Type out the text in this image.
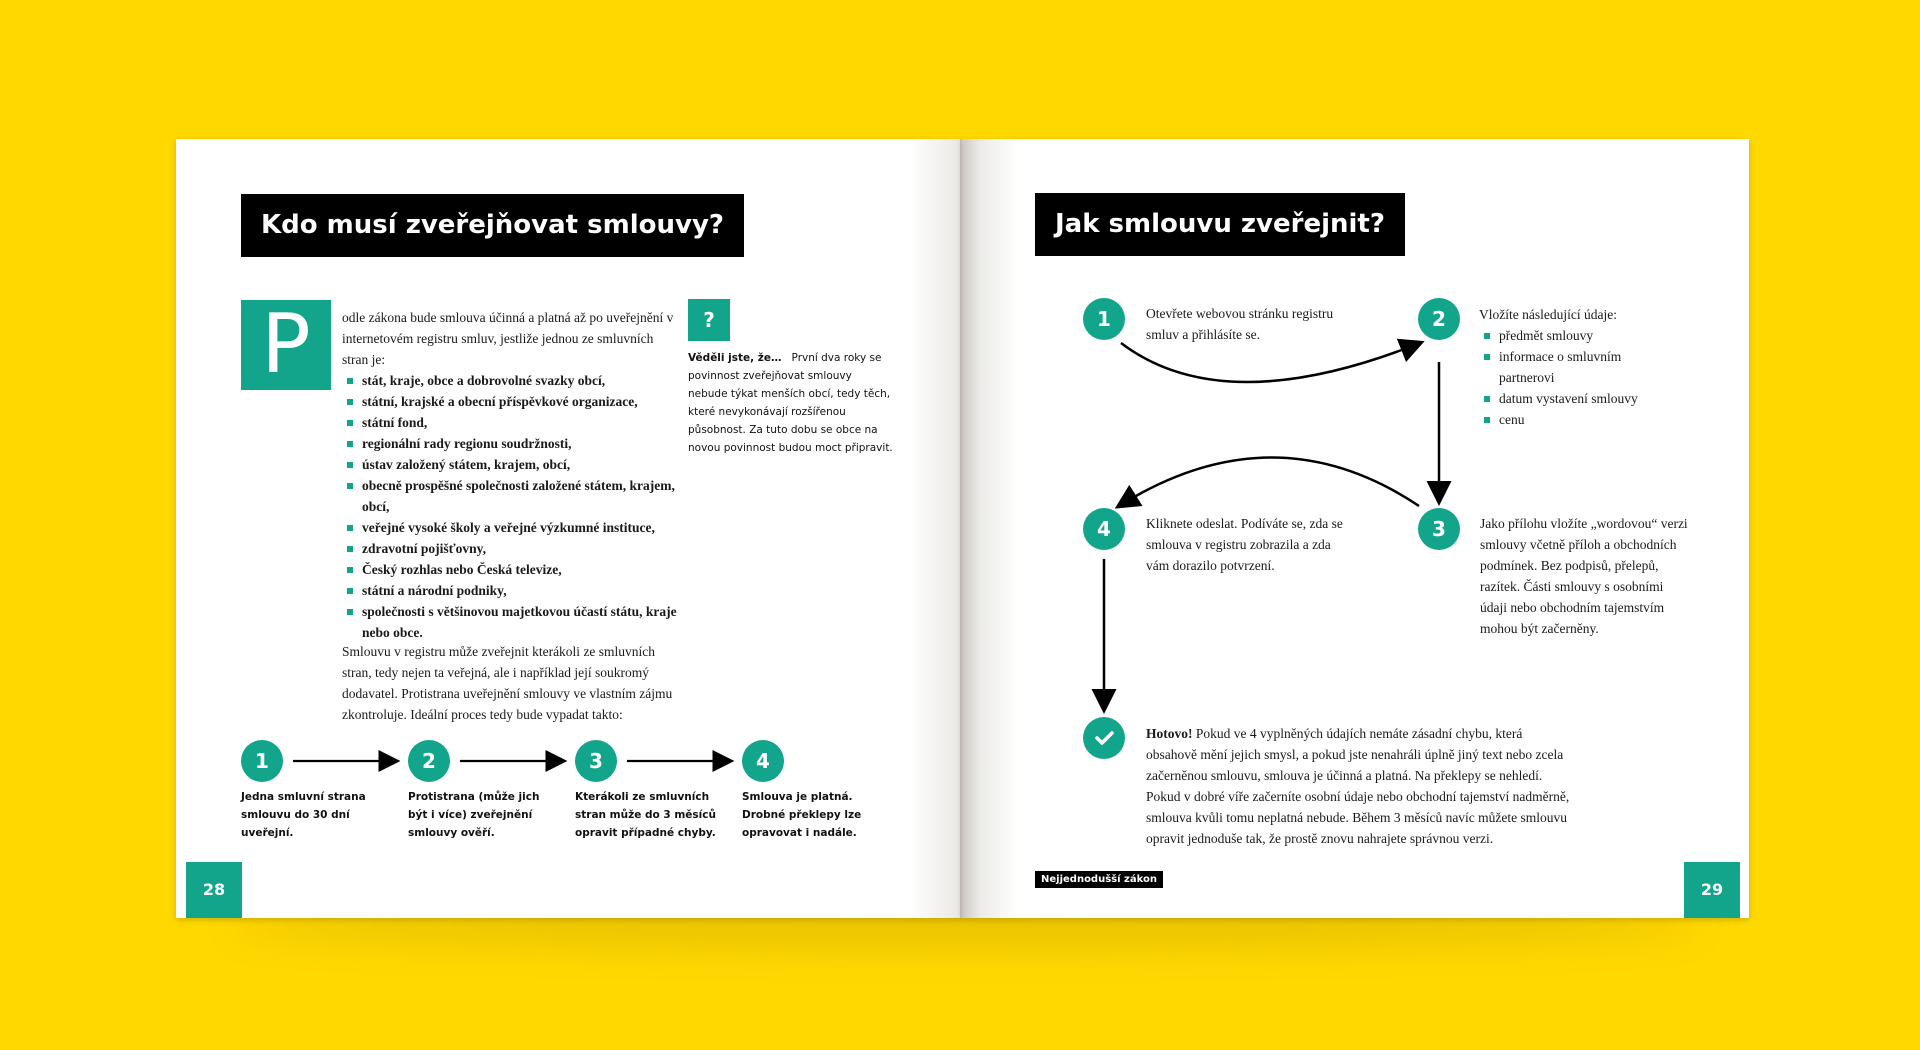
Kdo musí zveřejňovat smlouvy?
P	odle zákona bude smlouva účinná a platná až po uveřejnění v internetovém registru smluv, jestliže jednou ze smluvních stran je:
stát, kraje, obce a dobrovolné svazky obcí,
státní, krajské a obecní příspěvkové organizace,
státní fond,
regionální rady regionu soudržnosti,
ústav založený státem, krajem, obcí,
obecně prospěšné společnosti založené státem, krajem, obcí,
veřejné vysoké školy a veřejné výzkumné instituce,
zdravotní pojišťovny,
Český rozhlas nebo Česká televize,
státní a národní podniky,
společnosti s většinovou majetkovou účastí státu, kraje nebo obce.
Smlouvu v registru může zveřejnit kterákoli ze smluvních stran, tedy nejen ta veřejná, ale i například její soukromý dodavatel. Protistrana uveřejnění smlouvy ve vlastním zájmu zkontroluje. Ideální proces tedy bude vypadat takto:
?
Věděli jste, že… První dva roky se povinnost zveřejňovat smlouvy nebude týkat menších obcí, tedy těch, které nevykonávají rozšířenou působnost. Za tuto dobu se obce na novou povinnost budou moct připravit.
1	2	3	4
Jedna smluvní strana smlouvu do 30 dní uveřejní.
Protistrana (může jich být i více) zveřejnění smlouvy ověří.
Kterákoli ze smluvních stran může do 3 měsíců opravit případné chyby.
Smlouva je platná. Drobné překlepy lze opravovat i nadále.
28
Jak smlouvu zveřejnit?
1	Otevřete webovou stránku registru smluv a přihlásíte se.
2	Vložíte následující údaje:
předmět smlouvy
informace o smluvním partnerovi
datum vystavení smlouvy
cenu
3	Jako přílohu vložíte „wordovou“ verzi smlouvy včetně příloh a obchodních podmínek. Bez podpisů, přelepů, razítek. Části smlouvy s osobními údaji nebo obchodním tajemstvím mohou být začerněny.
4	Kliknete odeslat. Podíváte se, zda se smlouva v registru zobrazila a zda vám dorazilo potvrzení.
Hotovo! Pokud ve 4 vyplněných údajích nemáte zásadní chybu, která obsahově mění jejich smysl, a pokud jste nenahráli úplně jiný text nebo zcela začerněnou smlouvu, smlouva je účinná a platná. Na překlepy se nehledí. Pokud v dobré víře začerníte osobní údaje nebo obchodní tajemství nadměrně, smlouva kvůli tomu neplatná nebude. Během 3 měsíců navíc můžete smlouvu opravit jednoduše tak, že prostě znovu nahrajete správnou verzi.
Nejjednodušší zákon
29
